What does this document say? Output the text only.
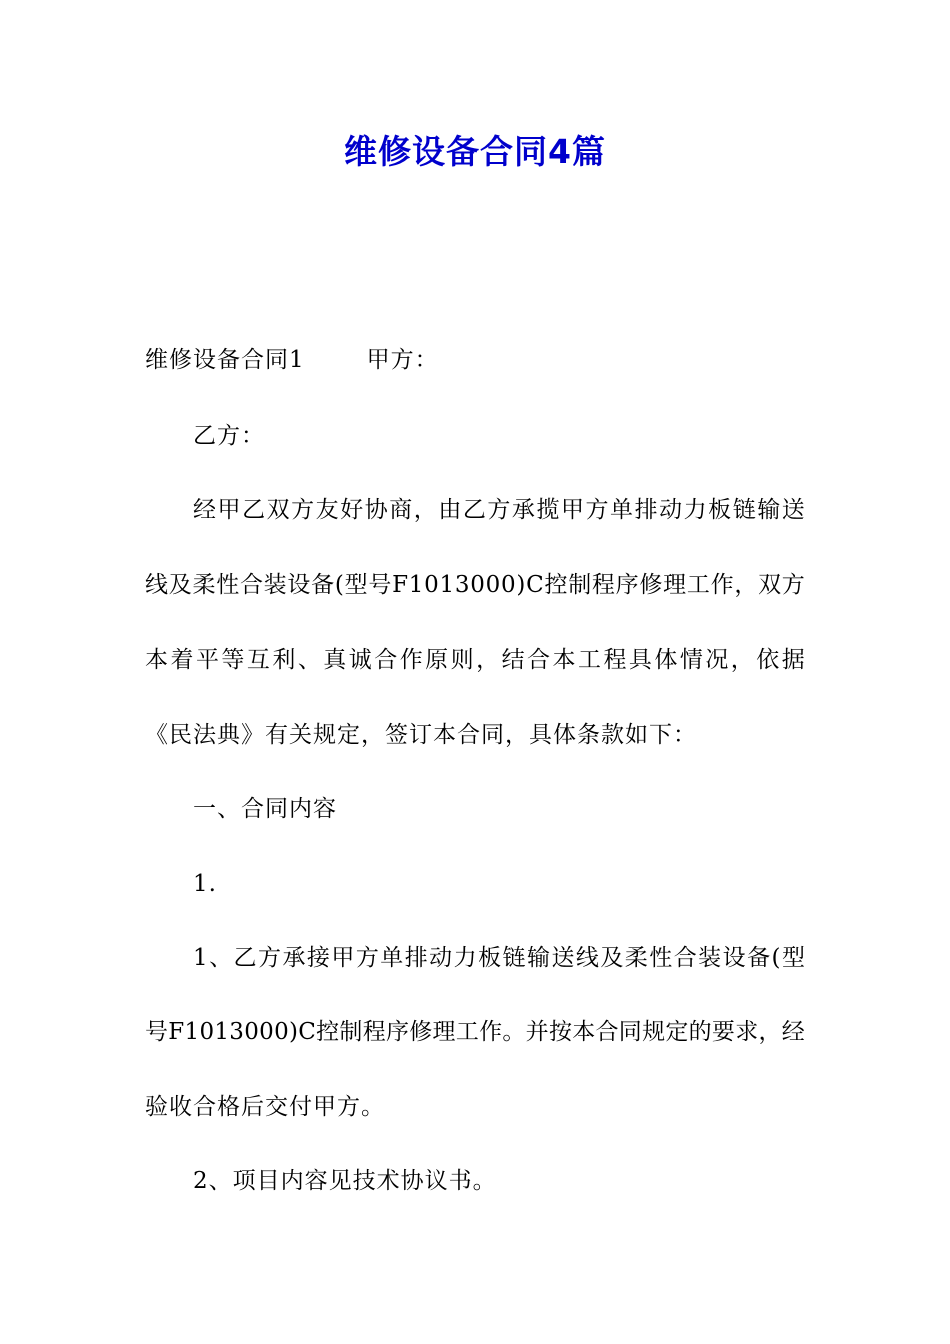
维修设备合同4篇
维修设备合同1	甲方：
乙方：
经 甲 乙 双 方 友 好 协 商 ， 由 乙 方 承 揽 甲 方 单 排 动 力 板 链 输 送
线 及 柔 性 合 装 设 备 ( 型 号 F 1 0 1 3 0 0 0 ) C 控 制 程 序 修 理 工 作 ， 双 方
本 着 平 等 互 利 、 真 诚 合 作 原 则 ， 结 合 本 工 程 具 体 情 况 ， 依 据
《民法典》有关规定，签订本合同，具体条款如下：
一、合同内容
1.
1 、 乙 方 承 接 甲 方 单 排 动 力 板 链 输 送 线 及 柔 性 合 装 设 备 ( 型
号 F 1 0 1 3 0 0 0 ) C 控 制 程 序 修 理 工 作 。 并 按 本 合 同 规 定 的 要 求 ， 经
验收合格后交付甲方。
2、项目内容见技术协议书。
